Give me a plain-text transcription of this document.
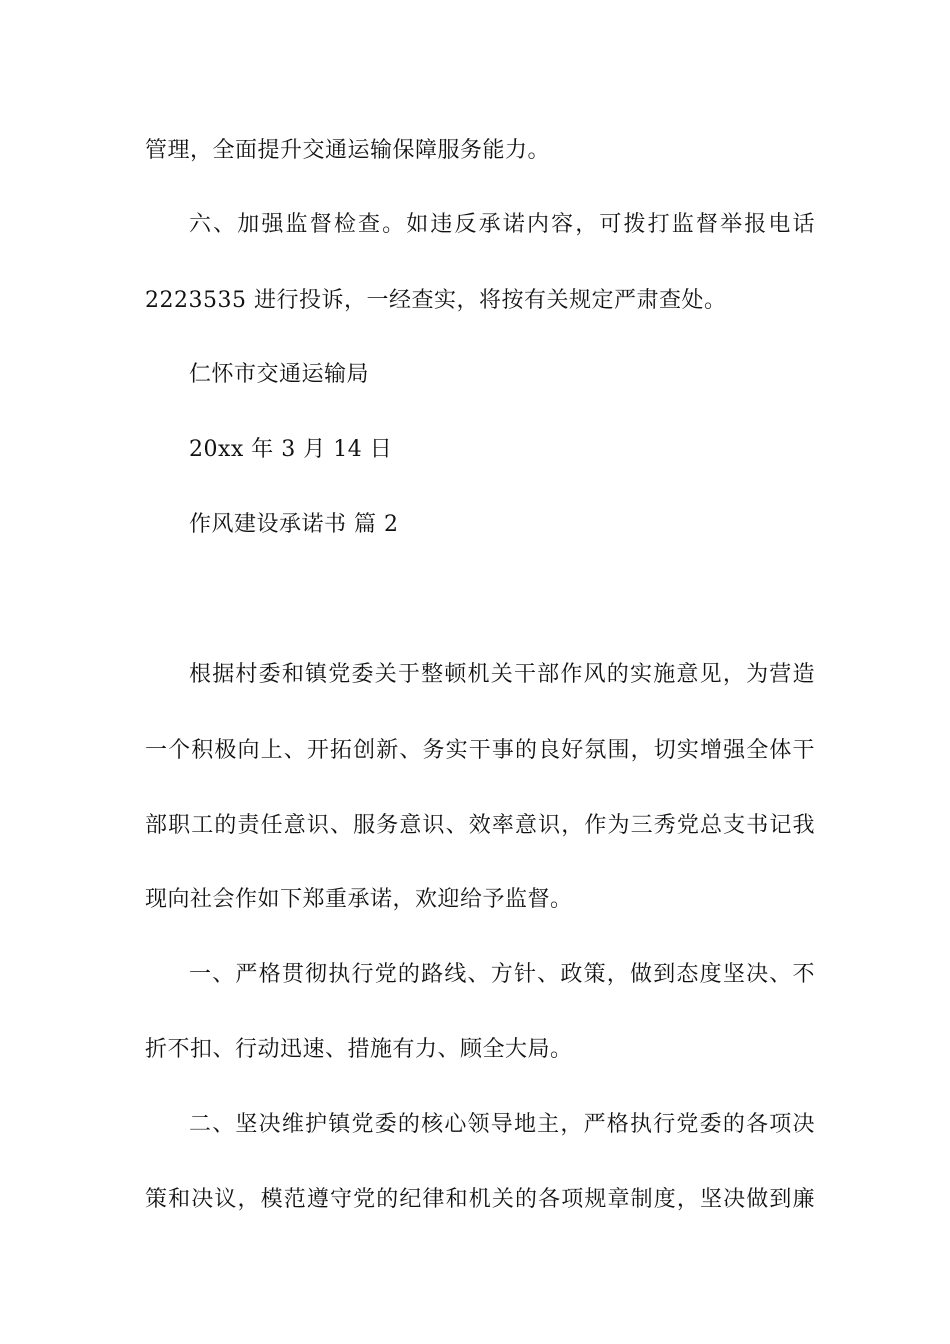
管理，全面提升交通运输保障服务能力。
六、加强监督检查。如违反承诺内容，可拨打监督举报电话
2223535 进行投诉，一经查实，将按有关规定严肃查处。
仁怀市交通运输局
20xx 年 3 月 14 日
作风建设承诺书 篇 2
根据村委和镇党委关于整顿机关干部作风的实施意见，为营造
一个积极向上、开拓创新、务实干事的良好氛围，切实增强全体干
部职工的责任意识、服务意识、效率意识，作为三秀党总支书记我
现向社会作如下郑重承诺，欢迎给予监督。
一、严格贯彻执行党的路线、方针、政策，做到态度坚决、不
折不扣、行动迅速、措施有力、顾全大局。
二、坚决维护镇党委的核心领导地主，严格执行党委的各项决
策和决议，模范遵守党的纪律和机关的各项规章制度，坚决做到廉
